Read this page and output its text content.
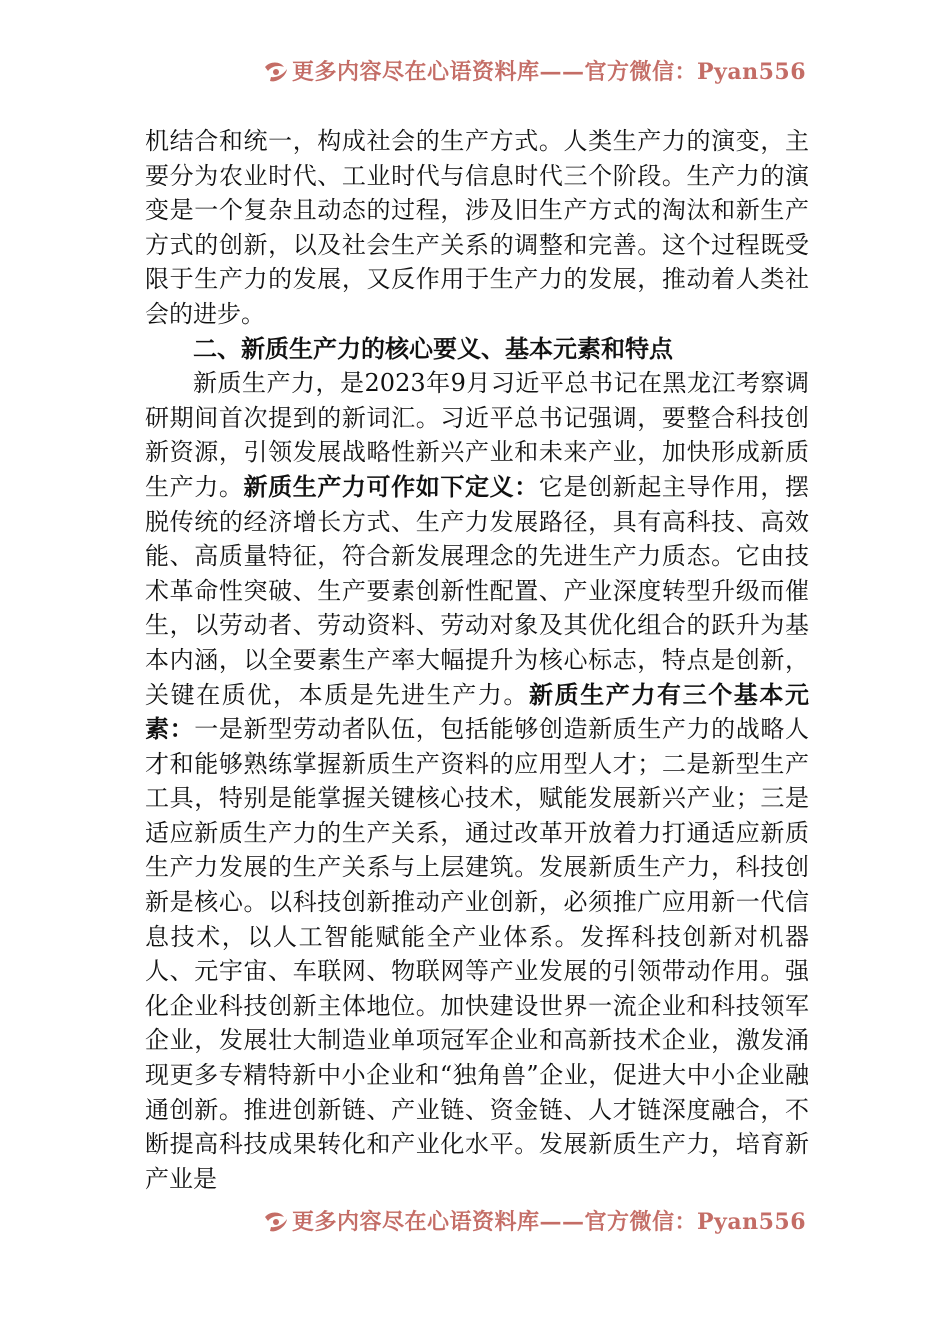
更多内容尽在心语资料库——官方微信：Pyan556

机结合和统一，构成社会的生产方式。人类生产力的演变，主要分为农业时代、工业时代与信息时代三个阶段。生产力的演变是一个复杂且动态的过程，涉及旧生产方式的淘汰和新生产方式的创新，以及社会生产关系的调整和完善。这个过程既受限于生产力的发展，又反作用于生产力的发展，推动着人类社会的进步。

二、新质生产力的核心要义、基本元素和特点

新质生产力，是2023年9月习近平总书记在黑龙江考察调研期间首次提到的新词汇。习近平总书记强调，要整合科技创新资源，引领发展战略性新兴产业和未来产业，加快形成新质生产力。新质生产力可作如下定义：它是创新起主导作用，摆脱传统的经济增长方式、生产力发展路径，具有高科技、高效能、高质量特征，符合新发展理念的先进生产力质态。它由技术革命性突破、生产要素创新性配置、产业深度转型升级而催生，以劳动者、劳动资料、劳动对象及其优化组合的跃升为基本内涵，以全要素生产率大幅提升为核心标志，特点是创新，关键在质优，本质是先进生产力。新质生产力有三个基本元素：一是新型劳动者队伍，包括能够创造新质生产力的战略人才和能够熟练掌握新质生产资料的应用型人才；二是新型生产工具，特别是能掌握关键核心技术，赋能发展新兴产业；三是适应新质生产力的生产关系，通过改革开放着力打通适应新质生产力发展的生产关系与上层建筑。发展新质生产力，科技创新是核心。以科技创新推动产业创新，必须推广应用新一代信息技术，以人工智能赋能全产业体系。发挥科技创新对机器人、元宇宙、车联网、物联网等产业发展的引领带动作用。强化企业科技创新主体地位。加快建设世界一流企业和科技领军企业，发展壮大制造业单项冠军企业和高新技术企业，激发涌现更多专精特新中小企业和“独角兽”企业，促进大中小企业融通创新。推进创新链、产业链、资金链、人才链深度融合，不断提高科技成果转化和产业化水平。发展新质生产力，培育新产业是

更多内容尽在心语资料库——官方微信：Pyan556
